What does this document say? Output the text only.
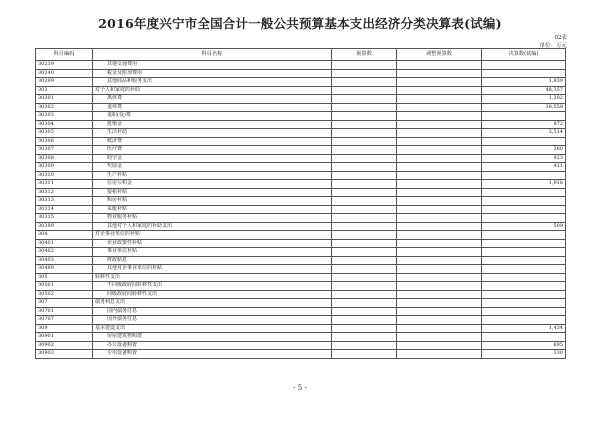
2016年度兴宁市全国合计一般公共预算基本支出经济分类决算表(试编)
02表
单位：万元
科目编码	科目名称	预算数	调整预算数	决算数(试编)
30239	其他交通费用			
30240	税金及附加费用			
30299	其他商品和服务支出			1,839
303	对个人和家庭的补助			48,357
30301	离休费			1,292
30302	退休费			38,558
30303	退职(役)费			
30304	抚恤金			872
30305	生活补助			3,514
30306	救济费			
30307	医疗费			360
30308	助学金			923
30309	奖励金			411
30310	生产补贴			
30311	住房公积金			1,918
30312	提租补贴			
30313	购房补贴			
30314	采暖补贴			
30315	物业服务补贴			
30399	其他对个人和家庭的补助支出			509
304	对企事业单位的补贴			
30401	企业政策性补贴			
30402	事业单位补贴			
30403	财政贴息			
30499	其他对企事业单位的补贴			
305	转移性支出			
30501	不同级政府间转移性支出			
30502	同级政府间转移性支出			
307	债务利息支出			
30701	国内债务付息			
30707	国外债务付息			
309	基本建设支出			1,434
30901	房屋建筑物购建			
30902	办公设备购置			695
30903	专用设备购置			330
- 5 -
